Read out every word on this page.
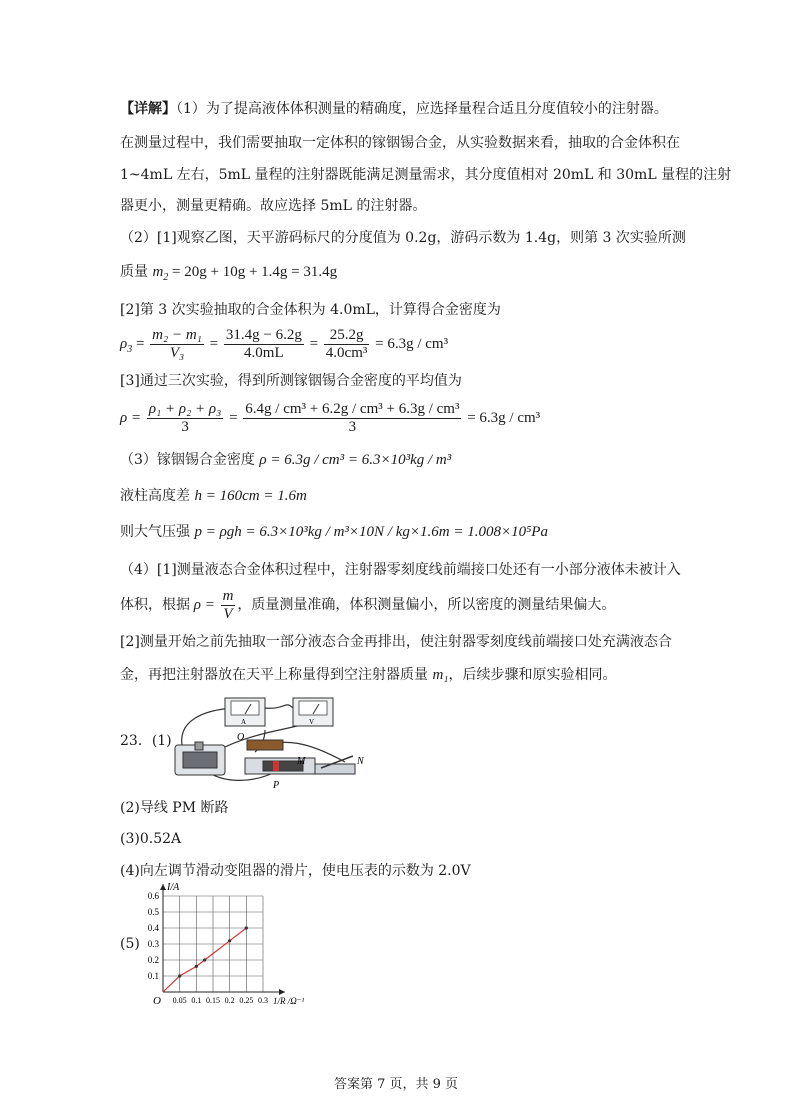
【详解】（1）为了提高液体体积测量的精确度，应选择量程合适且分度值较小的注射器。
在测量过程中，我们需要抽取一定体积的镓铟锡合金，从实验数据来看，抽取的合金体积在
1~4mL 左右，5mL 量程的注射器既能满足测量需求，其分度值相对 20mL 和 30mL 量程的注射
器更小，测量更精确。故应选择 5mL 的注射器。
（2）[1]观察乙图，天平游码标尺的分度值为 0.2g，游码示数为 1.4g，则第 3 次实验所测
质量 $m_2 = 20g + 10g + 1.4g = 31.4g$
[2]第 3 次实验抽取的合金体积为 4.0mL，计算得合金密度为
$\rho_3 = \frac{\text{m₂ − m₁}}{\text{V₃}} = \frac{31.4g - 6.2g}{4.0mL} = \frac{25.2g}{\text{4.0cm³}} = 6.3g / cm^3$
[3]通过三次实验，得到所测镓铟锡合金密度的平均值为
$\rho = \frac{\text{ρ₁ + ρ₂ + ρ₃}}{3} = \frac{\text{6.4g / cm³ + 6.2g / cm³ + 6.3g / cm³}}{3} = 6.3g / cm^3$
（3）镓铟锡合金密度 ρ = 6.3g / cm³ = 6.3×10³kg / m³
液柱高度差 h = 160cm = 1.6m
则大气压强 p = ρgh = 6.3×10³kg / m³×10N / kg×1.6m = 1.008×10⁵Pa
（4）[1]测量液态合金体积过程中，注射器零刻度线前端接口处还有一小部分液体未被计入
体积，根据 $\rho = \frac{m}{V}$ ，质量测量准确，体积测量偏小，所以密度的测量结果偏大。
[2]测量开始之前先抽取一部分液态合金再排出，使注射器零刻度线前端接口处充满液态合
金，再把注射器放在天平上称量得到空注射器质量 m₁，后续步骤和原实验相同。
23．(1)
A	V
O
P
M	N
(2)导线 PM 断路
(3)0.52A
(4)向左调节滑动变阻器的滑片，使电压表的示数为 2.0V
(5)
0.05 0.1 0.15 0.2 0.25 0.3
0.1
0.2
0.3
0.4
0.5
0.6
O
I/A
1/R /Ω⁻¹
答案第 7 页，共 9 页
